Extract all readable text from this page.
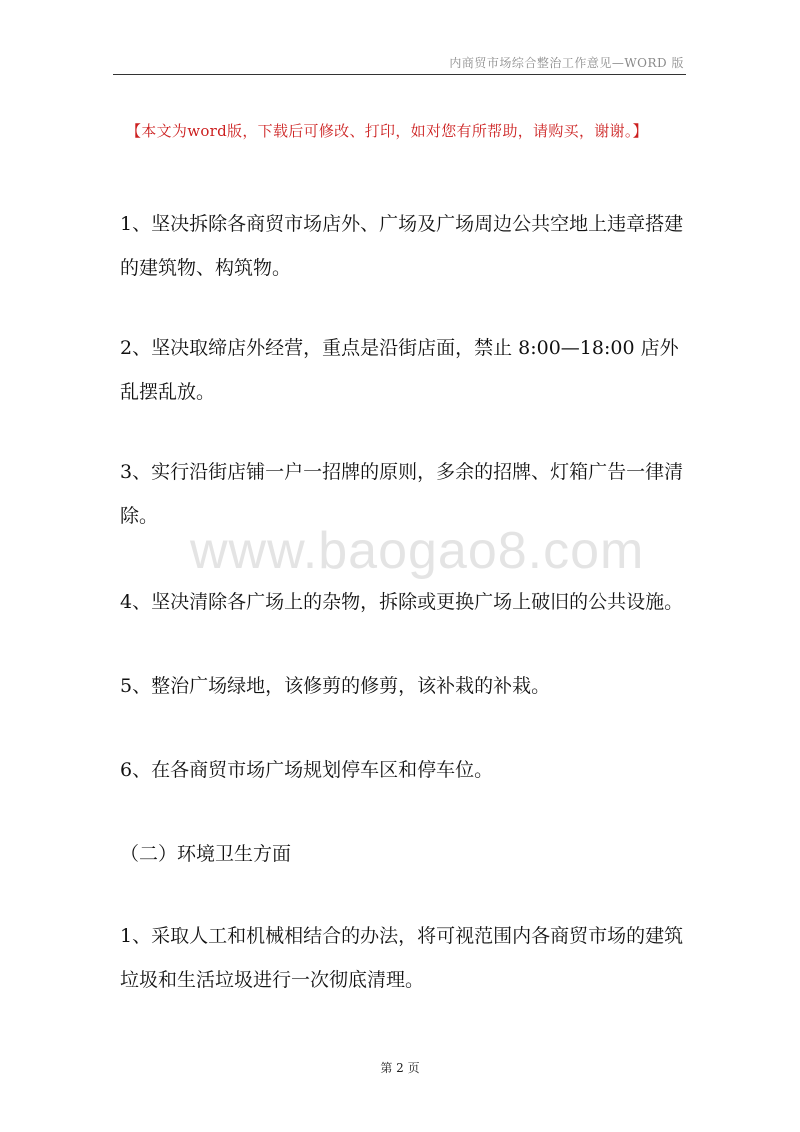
内商贸市场综合整治工作意见—WORD 版
【本文为word版，下载后可修改、打印，如对您有所帮助，请购买，谢谢。】

1、坚决拆除各商贸市场店外、广场及广场周边公共空地上违章搭建的建筑物、构筑物。

2、坚决取缔店外经营，重点是沿街店面，禁止 8:00—18:00 店外乱摆乱放。

3、实行沿街店铺一户一招牌的原则，多余的招牌、灯箱广告一律清除。

www.baogao8.com

4、坚决清除各广场上的杂物，拆除或更换广场上破旧的公共设施。

5、整治广场绿地，该修剪的修剪，该补栽的补栽。

6、在各商贸市场广场规划停车区和停车位。

（二）环境卫生方面

1、采取人工和机械相结合的办法，将可视范围内各商贸市场的建筑垃圾和生活垃圾进行一次彻底清理。

第 2 页
